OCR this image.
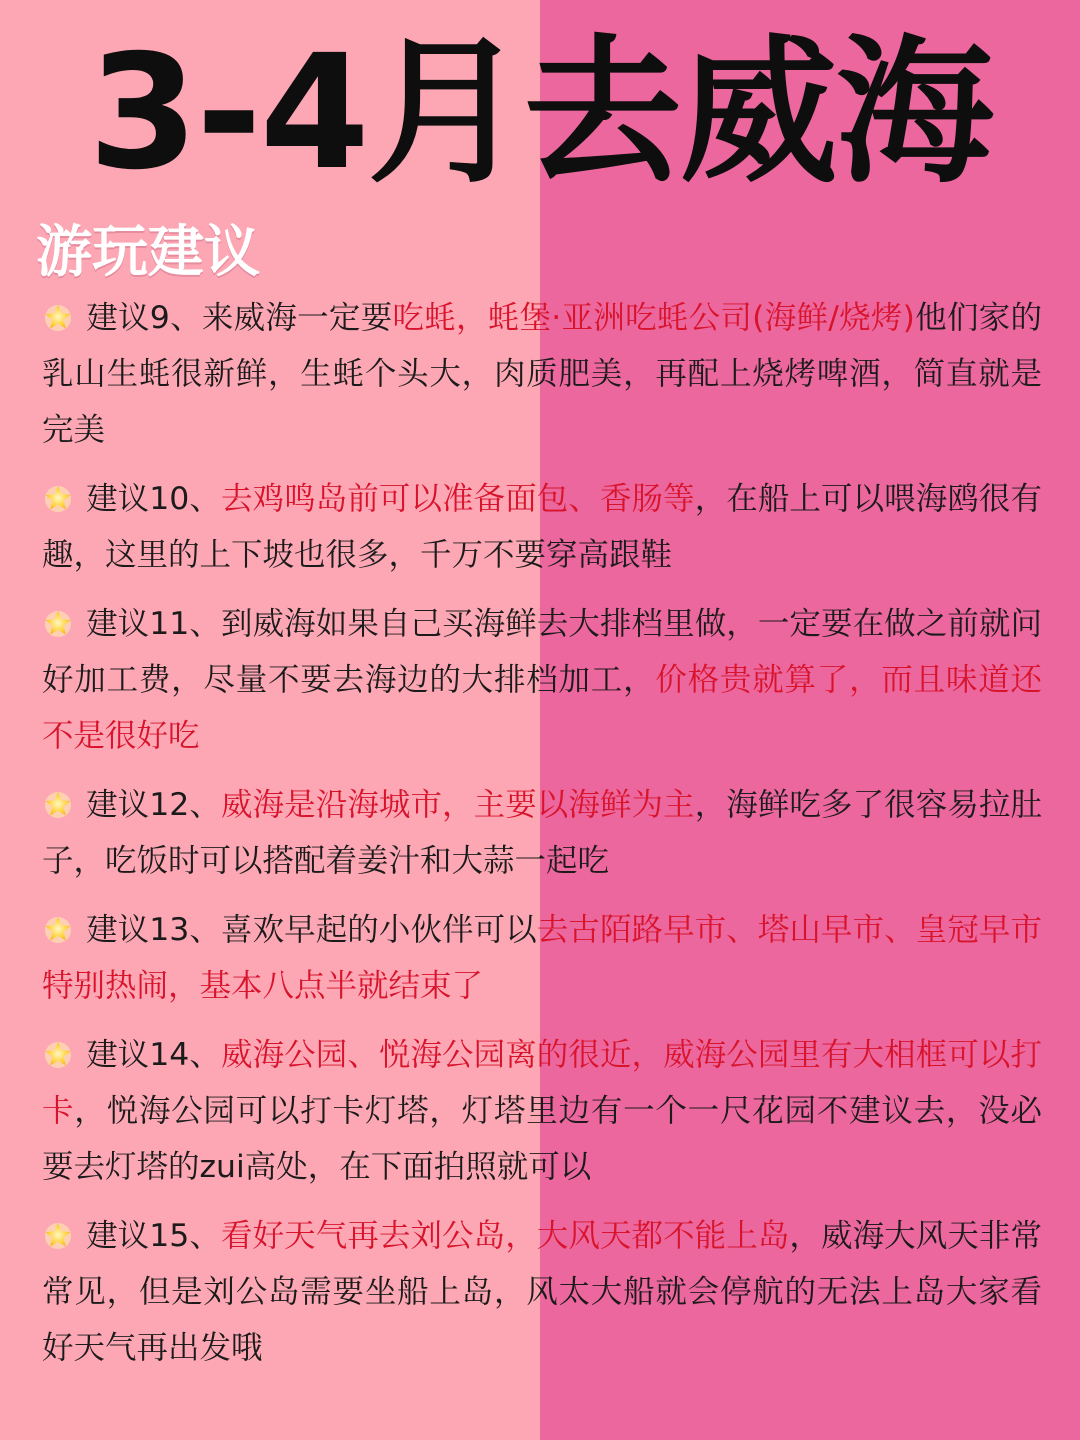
3-4月去威海
游玩建议
建议9、来威海一定要吃蚝，蚝堡·亚洲吃蚝公司(海鲜/烧烤)他们家的乳山生蚝很新鲜，生蚝个头大，肉质肥美，再配上烧烤啤酒，简直就是完美
建议10、去鸡鸣岛前可以准备面包、香肠等，在船上可以喂海鸥很有趣，这里的上下坡也很多，千万不要穿高跟鞋
建议11、到威海如果自己买海鲜去大排档里做，一定要在做之前就问好加工费，尽量不要去海边的大排档加工，价格贵就算了，而且味道还不是很好吃
建议12、威海是沿海城市，主要以海鲜为主，海鲜吃多了很容易拉肚子，吃饭时可以搭配着姜汁和大蒜一起吃
建议13、喜欢早起的小伙伴可以去古陌路早市、塔山早市、皇冠早市特别热闹，基本八点半就结束了
建议14、威海公园、悦海公园离的很近，威海公园里有大相框可以打卡，悦海公园可以打卡灯塔，灯塔里边有一个一尺花园不建议去，没必要去灯塔的zui高处，在下面拍照就可以
建议15、看好天气再去刘公岛，大风天都不能上岛，威海大风天非常常见，但是刘公岛需要坐船上岛，风太大船就会停航的无法上岛大家看好天气再出发哦
